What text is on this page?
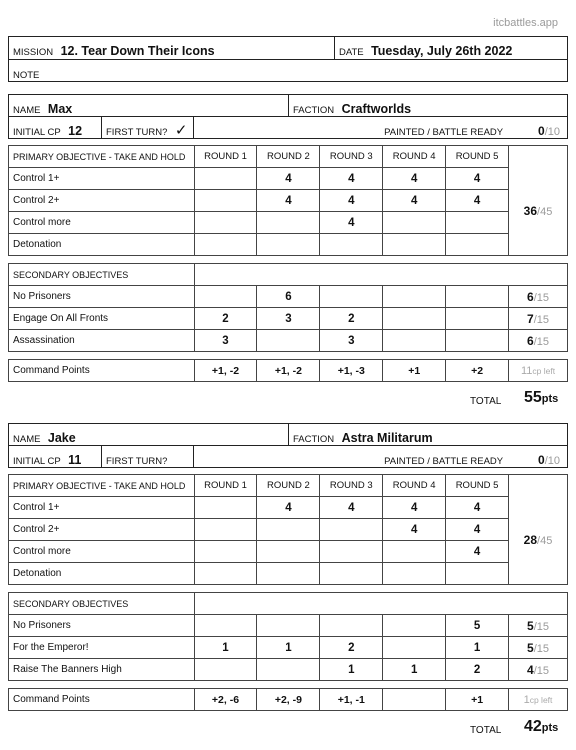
itcbattles.app
MISSION 12. Tear Down Their Icons	DATE Tuesday, July 26th 2022
NOTE
NAME Max	FACTION Craftworlds
INITIAL CP 12	FIRST TURN? ✓	PAINTED / BATTLE READY	0/10
PRIMARY OBJECTIVE - TAKE AND HOLD	ROUND 1	ROUND 2	ROUND 3	ROUND 4	ROUND 5	
Control 1+		4	4	4	4	36/45
Control 2+		4	4	4	4	
Control more			4			
Detonation						

SECONDARY OBJECTIVES						
No Prisoners		6				6/15
Engage On All Fronts	2	3	2			7/15
Assassination	3		3			6/15

Command Points	+1, -2	+1, -2	+1, -3	+1	+2	11cp left
TOTAL 55pts
NAME Jake	FACTION Astra Militarum
INITIAL CP 11	FIRST TURN?	PAINTED / BATTLE READY	0/10
PRIMARY OBJECTIVE - TAKE AND HOLD	ROUND 1	ROUND 2	ROUND 3	ROUND 4	ROUND 5	
Control 1+		4	4	4	4	28/45
Control 2+				4	4	
Control more					4	
Detonation						

SECONDARY OBJECTIVES						
No Prisoners					5	5/15
For the Emperor!	1	1	2		1	5/15
Raise The Banners High			1	1	2	4/15

Command Points	+2, -6	+2, -9	+1, -1		+1	1cp left
TOTAL 42pts
